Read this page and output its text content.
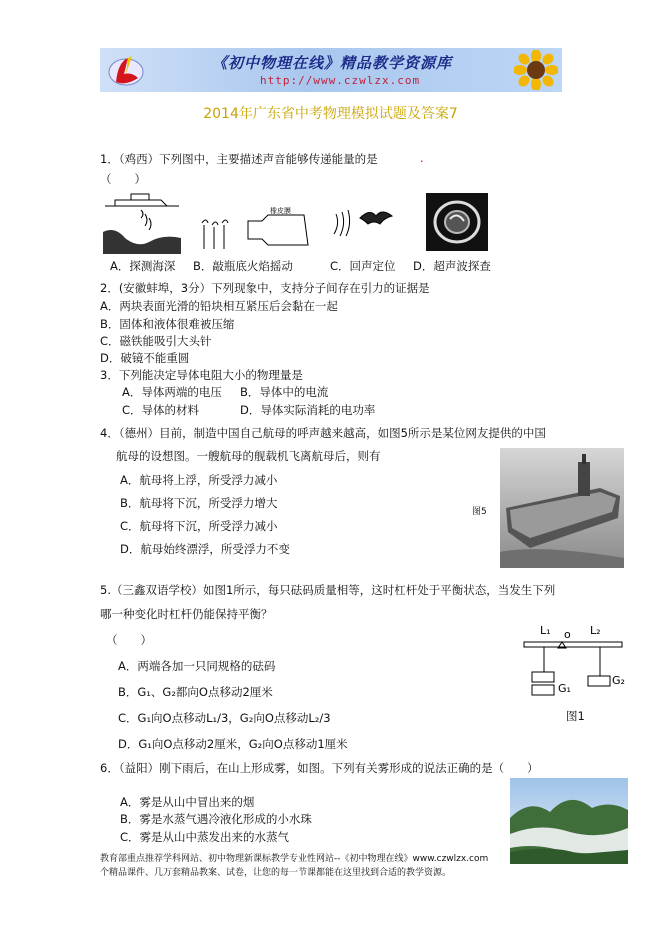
《初中物理在线》精品教学资源库
http://www.czwlzx.com
2014年广东省中考物理模拟试题及答案7
1．（鸡西）下列图中，主要描述声音能够传递能量的是	.
（　　）
橡皮膜
A．探测海深 B．敲瓶底火焰摇动	C．回声定位 D．超声波探查
2．(安徽蚌埠，3分）下列现象中，支持分子间存在引力的证据是
A．两块表面光滑的铅块相互紧压后会黏在一起
B．固体和液体很难被压缩
C．磁铁能吸引大头针
D．破镜不能重圆
3．下列能决定导体电阻大小的物理量是
A．导体两端的电压 B．导体中的电流
C．导体的材料	D．导体实际消耗的电功率
4．（德州）目前，制造中国自己航母的呼声越来越高，如图5所示是某位网友提供的中国
航母的设想图。一艘航母的舰载机飞离航母后，则有
A．航母将上浮，所受浮力减小
B．航母将下沉，所受浮力增大
C．航母将下沉，所受浮力减小
D．航母始终漂浮，所受浮力不变
图5
5.（三鑫双语学校）如图1所示，每只砝码质量相等，这时杠杆处于平衡状态，当发生下列
哪一种变化时杠杆仍能保持平衡？
（　　）
A．两端各加一只同规格的砝码
B．G₁、G₂都向O点移动2厘米
C．G₁向O点移动L₁/3，G₂向O点移动L₂/3
D．G₁向O点移动2厘米，G₂向O点移动1厘米
L₁ o L₂
G₁
G₂
图1
6．（益阳）刚下雨后，在山上形成雾，如图。下列有关雾形成的说法正确的是（　　）
A．雾是从山中冒出来的烟
B．雾是水蒸气遇冷液化形成的小水珠
C．雾是从山中蒸发出来的水蒸气
教育部重点推荐学科网站、初中物理新课标教学专业性网站--《初中物理在线》www.czwlzx.com
个精品课件、几万套精品教案、试卷，让您的每一节课都能在这里找到合适的教学资源。
